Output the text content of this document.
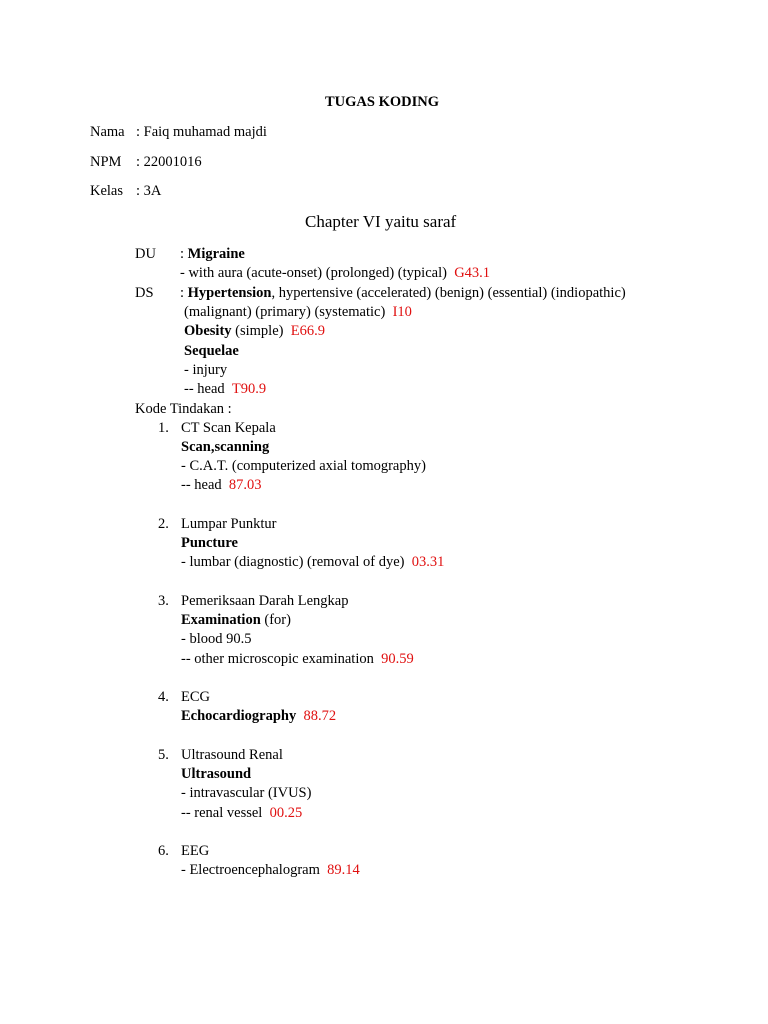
TUGAS KODING
Nama : Faiq muhamad majdi
NPM : 22001016
Kelas : 3A
Chapter VI yaitu saraf
DU : Migraine
- with aura (acute-onset) (prolonged) (typical) G43.1
DS : Hypertension, hypertensive (accelerated) (benign) (essential) (indiopathic)
(malignant) (primary) (systematic) I10
Obesity (simple) E66.9
Sequelae
- injury
-- head T90.9
Kode Tindakan :
1. CT Scan Kepala
Scan,scanning
- C.A.T. (computerized axial tomography)
-- head 87.03
2. Lumpar Punktur
Puncture
- lumbar (diagnostic) (removal of dye) 03.31
3. Pemeriksaan Darah Lengkap
Examination (for)
- blood 90.5
-- other microscopic examination 90.59
4. ECG
Echocardiography 88.72
5. Ultrasound Renal
Ultrasound
- intravascular (IVUS)
-- renal vessel 00.25
6. EEG
- Electroencephalogram 89.14
